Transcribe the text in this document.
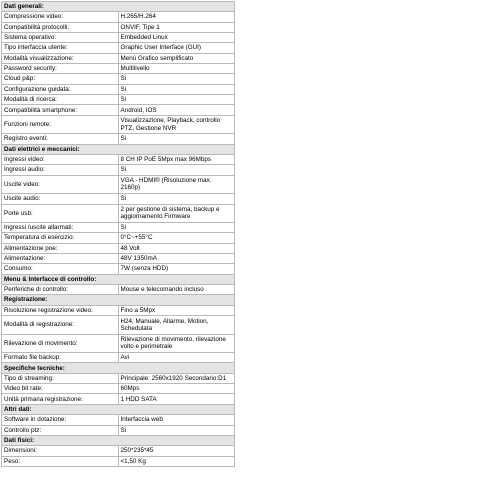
Dati generali:	
Compressione video:	H.265/H.264
Compatibilità protocolli:	ONVIF, Tipe 1
Sistema operativo:	Embedded Linux
Tipo interfaccia utente:	Graphic User Interface (GUI)
Modalità visualizzazione:	Menù Grafico semplificato
Password security:	Multilivello
Cloud p&p:	Si
Configurazione guidata:	Si
Modalità di ricerca:	Si
Compatibilità smartphone:	Android, IOS
Funzioni remote:	Visualizzazione, Playback, controllo PTZ, Gestione NVR
Registro eventi:	Si
Dati elettrici e meccanici:	
Ingressi video:	8 CH IP PoE 5Mpx max 96Mbps
Ingressi audio:	Si
Uscite video:	VGA - HDMI® (Risoluzione max. 2160p)
Uscite audio:	Si
Porte usb:	2 per gestione di sistema, backup e aggiornamento Firmware
Ingressi /uscite allarmati:	Si
Temperatura di esercizio:	0°C~+55°C
Alimentazione poe:	48 Volt
Alimentazione:	48V 1350mA
Consumo:	7W (senza HDD)
Menu & Interfacce di controllo:	
Periferiche di controllo:	Mouse e telecomando incluso
Registrazione:	
Risoluzione registrazione video:	Fino a 5Mpx
Modalità di registrazione:	H24, Manuale, Allarme, Motion, Schedulata
Rilevazione di movimento:	Rilevazione di movimento, rilevazione volto e perimetrale
Formato file backup:	Avi
Specifiche tecniche:	
Tipo di streaming:	Principale: 2560x1920 Secondario:D1
Video bit rate:	60Mps
Unità primaria registrazione:	1 HDD SATA
Altri dati:	
Software in dotazione:	Interfaccia web
Controllo ptz:	Si
Dati fisici:	
Dimensioni:	250*235*45
Peso:	<1,50 Kg
